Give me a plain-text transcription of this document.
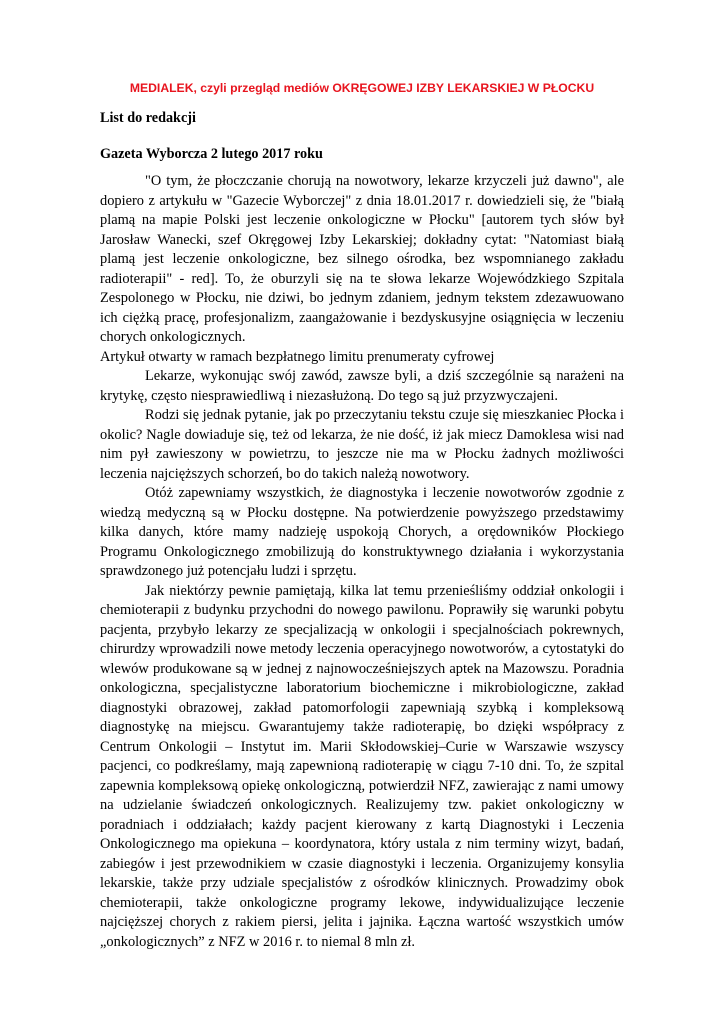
MEDIALEK, czyli przegląd mediów OKRĘGOWEJ IZBY LEKARSKIEJ W PŁOCKU
List do redakcji
Gazeta Wyborcza 2 lutego 2017 roku

"O tym, że płoczczanie chorują na nowotwory, lekarze krzyczeli już dawno", ale dopiero z artykułu w "Gazecie Wyborczej" z dnia 18.01.2017 r. dowiedzieli się, że "białą plamą na mapie Polski jest leczenie onkologiczne w Płocku" [autorem tych słów był Jarosław Wanecki, szef Okręgowej Izby Lekarskiej; dokładny cytat: "Natomiast białą plamą jest leczenie onkologiczne, bez silnego ośrodka, bez wspomnianego zakładu radioterapii" - red]. To, że oburzyli się na te słowa lekarze Wojewódzkiego Szpitala Zespolonego w Płocku, nie dziwi, bo jednym zdaniem, jednym tekstem zdezawuowano ich ciężką pracę, profesjonalizm, zaangażowanie i bezdyskusyjne osiągnięcia w leczeniu chorych onkologicznych.

Artykuł otwarty w ramach bezpłatnego limitu prenumeraty cyfrowej

Lekarze, wykonując swój zawód, zawsze byli, a dziś szczególnie są narażeni na krytykę, często niesprawiedliwą i niezasłużoną. Do tego są już przyzwyczajeni.

Rodzi się jednak pytanie, jak po przeczytaniu tekstu czuje się mieszkaniec Płocka i okolic? Nagle dowiaduje się, też od lekarza, że nie dość, iż jak miecz Damoklesa wisi nad nim pył zawieszony w powietrzu, to jeszcze nie ma w Płocku żadnych możliwości leczenia najcięższych schorzeń, bo do takich należą nowotwory.

Otóż zapewniamy wszystkich, że diagnostyka i leczenie nowotworów zgodnie z wiedzą medyczną są w Płocku dostępne. Na potwierdzenie powyższego przedstawimy kilka danych, które mamy nadzieję uspokoją Chorych, a orędowników Płockiego Programu Onkologicznego zmobilizują do konstruktywnego działania i wykorzystania sprawdzonego już potencjału ludzi i sprzętu.

Jak niektórzy pewnie pamiętają, kilka lat temu przenieśliśmy oddział onkologii i chemioterapii z budynku przychodni do nowego pawilonu. Poprawiły się warunki pobytu pacjenta, przybyło lekarzy ze specjalizacją w onkologii i specjalnościach pokrewnych, chirurdzy wprowadzili nowe metody leczenia operacyjnego nowotworów, a cytostatyki do wlewów produkowane są w jednej z najnowocześniejszych aptek na Mazowszu. Poradnia onkologiczna, specjalistyczne laboratorium biochemiczne i mikrobiologiczne, zakład diagnostyki obrazowej, zakład patomorfologii zapewniają szybką i kompleksową diagnostykę na miejscu. Gwarantujemy także radioterapię, bo dzięki współpracy z Centrum Onkologii – Instytut im. Marii Skłodowskiej–Curie w Warszawie wszyscy pacjenci, co podkreślamy, mają zapewnioną radioterapię w ciągu 7-10 dni. To, że szpital zapewnia kompleksową opiekę onkologiczną, potwierdził NFZ, zawierając z nami umowy na udzielanie świadczeń onkologicznych. Realizujemy tzw. pakiet onkologiczny w poradniach i oddziałach; każdy pacjent kierowany z kartą Diagnostyki i Leczenia Onkologicznego ma opiekuna – koordynatora, który ustala z nim terminy wizyt, badań, zabiegów i jest przewodnikiem w czasie diagnostyki i leczenia. Organizujemy konsylia lekarskie, także przy udziale specjalistów z ośrodków klinicznych. Prowadzimy obok chemioterapii, także onkologiczne programy lekowe, indywidualizujące leczenie najcięższej chorych z rakiem piersi, jelita i jajnika. Łączna wartość wszystkich umów „onkologicznych” z NFZ w 2016 r. to niemal 8 mln zł.
